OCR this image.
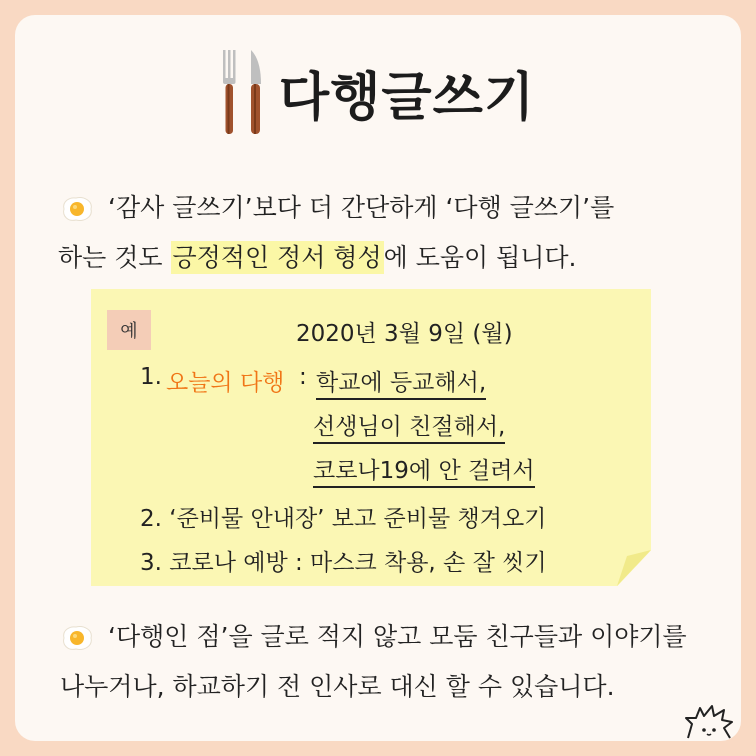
다행글쓰기
‘감사 글쓰기’보다 더 간단하게 ‘다행 글쓰기’를
하는 것도 긍정적인 정서 형성에 도움이 됩니다.
예	2020년 3월 9일 (월)
1. 오늘의 다행 : 학교에 등교해서,
선생님이 친절해서,
코로나19에 안 걸려서
2. ‘준비물 안내장’ 보고 준비물 챙겨오기
3. 코로나 예방 : 마스크 착용, 손 잘 씻기
‘다행인 점’을 글로 적지 않고 모둠 친구들과 이야기를
나누거나, 하교하기 전 인사로 대신 할 수 있습니다.
